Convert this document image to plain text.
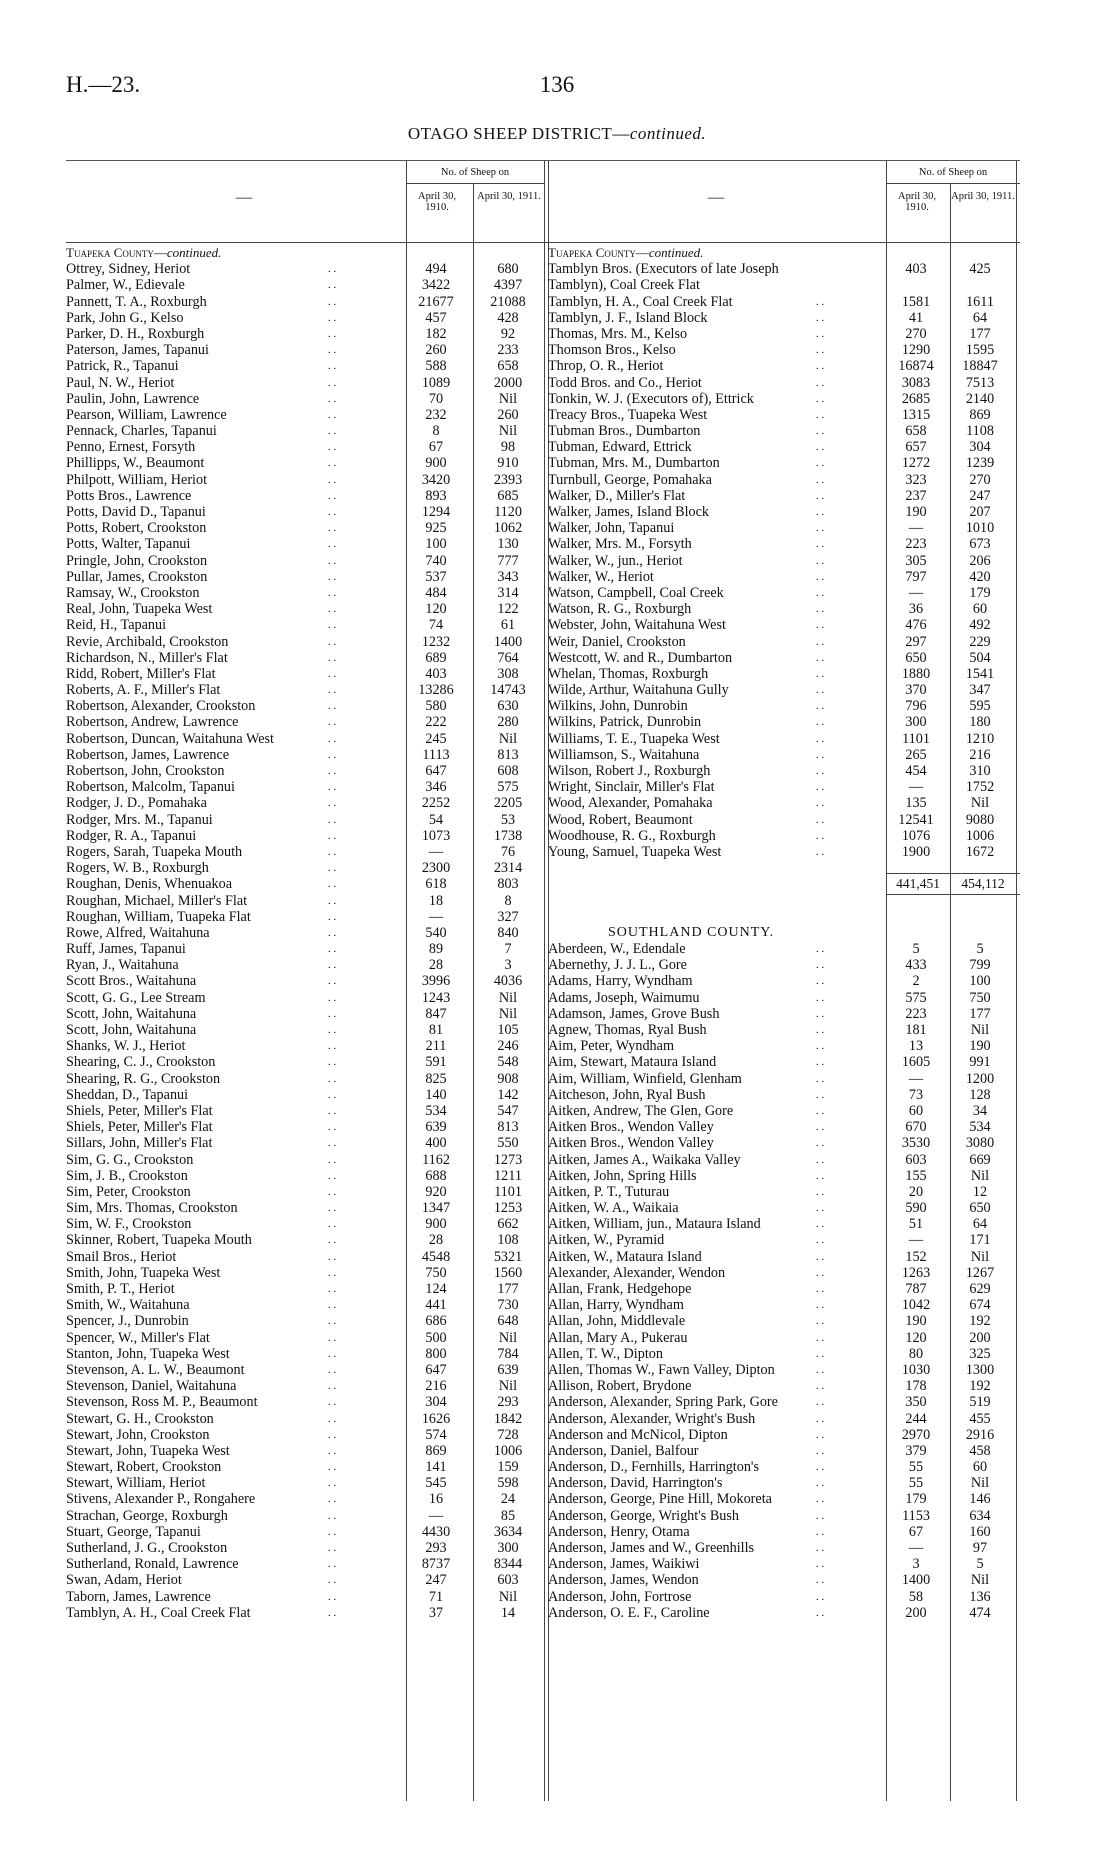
H.—23.	136
OTAGO SHEEP DISTRICT—continued.
—
No. of Sheep on
April 30, 1910.
April 30, 1911.
Tuapeka County—continued.
Ottrey, Sidney, Heriot	. .	494	680
Palmer, W., Edievale	. .	3422	4397
Pannett, T. A., Roxburgh	. .	21677	21088
Park, John G., Kelso	. .	457	428
Parker, D. H., Roxburgh	. .	182	92
Paterson, James, Tapanui	. .	260	233
Patrick, R., Tapanui	. .	588	658
Paul, N. W., Heriot	. .	1089	2000
Paulin, John, Lawrence	. .	70	Nil
Pearson, William, Lawrence	. .	232	260
Pennack, Charles, Tapanui	. .	8	Nil
Penno, Ernest, Forsyth	. .	67	98
Phillipps, W., Beaumont	. .	900	910
Philpott, William, Heriot	. .	3420	2393
Potts Bros., Lawrence	. .	893	685
Potts, David D., Tapanui	. .	1294	1120
Potts, Robert, Crookston	. .	925	1062
Potts, Walter, Tapanui	. .	100	130
Pringle, John, Crookston	. .	740	777
Pullar, James, Crookston	. .	537	343
Ramsay, W., Crookston	. .	484	314
Real, John, Tuapeka West	. .	120	122
Reid, H., Tapanui	. .	74	61
Revie, Archibald, Crookston	. .	1232	1400
Richardson, N., Miller's Flat	. .	689	764
Ridd, Robert, Miller's Flat	. .	403	308
Roberts, A. F., Miller's Flat	. .	13286	14743
Robertson, Alexander, Crookston	. .	580	630
Robertson, Andrew, Lawrence	. .	222	280
Robertson, Duncan, Waitahuna West	. .	245	Nil
Robertson, James, Lawrence	. .	1113	813
Robertson, John, Crookston	. .	647	608
Robertson, Malcolm, Tapanui	. .	346	575
Rodger, J. D., Pomahaka	. .	2252	2205
Rodger, Mrs. M., Tapanui	. .	54	53
Rodger, R. A., Tapanui	. .	1073	1738
Rogers, Sarah, Tuapeka Mouth	. .	—	76
Rogers, W. B., Roxburgh	. .	2300	2314
Roughan, Denis, Whenuakoa	. .	618	803
Roughan, Michael, Miller's Flat	. .	18	8
Roughan, William, Tuapeka Flat	. .	—	327
Rowe, Alfred, Waitahuna	. .	540	840
Ruff, James, Tapanui	. .	89	7
Ryan, J., Waitahuna	. .	28	3
Scott Bros., Waitahuna	. .	3996	4036
Scott, G. G., Lee Stream	. .	1243	Nil
Scott, John, Waitahuna	. .	847	Nil
Scott, John, Waitahuna	. .	81	105
Shanks, W. J., Heriot	. .	211	246
Shearing, C. J., Crookston	. .	591	548
Shearing, R. G., Crookston	. .	825	908
Sheddan, D., Tapanui	. .	140	142
Shiels, Peter, Miller's Flat	. .	534	547
Shiels, Peter, Miller's Flat	. .	639	813
Sillars, John, Miller's Flat	. .	400	550
Sim, G. G., Crookston	. .	1162	1273
Sim, J. B., Crookston	. .	688	1211
Sim, Peter, Crookston	. .	920	1101
Sim, Mrs. Thomas, Crookston	. .	1347	1253
Sim, W. F., Crookston	. .	900	662
Skinner, Robert, Tuapeka Mouth	. .	28	108
Smail Bros., Heriot	. .	4548	5321
Smith, John, Tuapeka West	. .	750	1560
Smith, P. T., Heriot	. .	124	177
Smith, W., Waitahuna	. .	441	730
Spencer, J., Dunrobin	. .	686	648
Spencer, W., Miller's Flat	. .	500	Nil
Stanton, John, Tuapeka West	. .	800	784
Stevenson, A. L. W., Beaumont	. .	647	639
Stevenson, Daniel, Waitahuna	. .	216	Nil
Stevenson, Ross M. P., Beaumont	. .	304	293
Stewart, G. H., Crookston	. .	1626	1842
Stewart, John, Crookston	. .	574	728
Stewart, John, Tuapeka West	. .	869	1006
Stewart, Robert, Crookston	. .	141	159
Stewart, William, Heriot	. .	545	598
Stivens, Alexander P., Rongahere	. .	16	24
Strachan, George, Roxburgh	. .	—	85
Stuart, George, Tapanui	. .	4430	3634
Sutherland, J. G., Crookston	. .	293	300
Sutherland, Ronald, Lawrence	. .	8737	8344
Swan, Adam, Heriot	. .	247	603
Taborn, James, Lawrence	. .	71	Nil
Tamblyn, A. H., Coal Creek Flat	. .	37	14
—
No. of Sheep on
April 30, 1910.
April 30, 1911.
Tuapeka County—continued.
Tamblyn Bros. (Executors of late Joseph	403	425
Tamblyn), Coal Creek Flat
Tamblyn, H. A., Coal Creek Flat	. .	1581	1611
Tamblyn, J. F., Island Block	. .	41	64
Thomas, Mrs. M., Kelso	. .	270	177
Thomson Bros., Kelso	. .	1290	1595
Throp, O. R., Heriot	. .	16874	18847
Todd Bros. and Co., Heriot	. .	3083	7513
Tonkin, W. J. (Executors of), Ettrick	. .	2685	2140
Treacy Bros., Tuapeka West	. .	1315	869
Tubman Bros., Dumbarton	. .	658	1108
Tubman, Edward, Ettrick	. .	657	304
Tubman, Mrs. M., Dumbarton	. .	1272	1239
Turnbull, George, Pomahaka	. .	323	270
Walker, D., Miller's Flat	. .	237	247
Walker, James, Island Block	. .	190	207
Walker, John, Tapanui	. .	—	1010
Walker, Mrs. M., Forsyth	. .	223	673
Walker, W., jun., Heriot	. .	305	206
Walker, W., Heriot	. .	797	420
Watson, Campbell, Coal Creek	. .	—	179
Watson, R. G., Roxburgh	. .	36	60
Webster, John, Waitahuna West	. .	476	492
Weir, Daniel, Crookston	. .	297	229
Westcott, W. and R., Dumbarton	. .	650	504
Whelan, Thomas, Roxburgh	. .	1880	1541
Wilde, Arthur, Waitahuna Gully	. .	370	347
Wilkins, John, Dunrobin	. .	796	595
Wilkins, Patrick, Dunrobin	. .	300	180
Williams, T. E., Tuapeka West	. .	1101	1210
Williamson, S., Waitahuna	. .	265	216
Wilson, Robert J., Roxburgh	. .	454	310
Wright, Sinclair, Miller's Flat	. .	—	1752
Wood, Alexander, Pomahaka	. .	135	Nil
Wood, Robert, Beaumont	. .	12541	9080
Woodhouse, R. G., Roxburgh	. .	1076	1006
Young, Samuel, Tuapeka West	. .	1900	1672
441,451	454,112
SOUTHLAND COUNTY.
Aberdeen, W., Edendale	. .	5	5
Abernethy, J. J. L., Gore	. .	433	799
Adams, Harry, Wyndham	. .	2	100
Adams, Joseph, Waimumu	. .	575	750
Adamson, James, Grove Bush	. .	223	177
Agnew, Thomas, Ryal Bush	. .	181	Nil
Aim, Peter, Wyndham	. .	13	190
Aim, Stewart, Mataura Island	. .	1605	991
Aim, William, Winfield, Glenham	. .	—	1200
Aitcheson, John, Ryal Bush	. .	73	128
Aitken, Andrew, The Glen, Gore	. .	60	34
Aitken Bros., Wendon Valley	. .	670	534
Aitken Bros., Wendon Valley	. .	3530	3080
Aitken, James A., Waikaka Valley	. .	603	669
Aitken, John, Spring Hills	. .	155	Nil
Aitken, P. T., Tuturau	. .	20	12
Aitken, W. A., Waikaia	. .	590	650
Aitken, William, jun., Mataura Island	. .	51	64
Aitken, W., Pyramid	. .	—	171
Aitken, W., Mataura Island	. .	152	Nil
Alexander, Alexander, Wendon	. .	1263	1267
Allan, Frank, Hedgehope	. .	787	629
Allan, Harry, Wyndham	. .	1042	674
Allan, John, Middlevale	. .	190	192
Allan, Mary A., Pukerau	. .	120	200
Allen, T. W., Dipton	. .	80	325
Allen, Thomas W., Fawn Valley, Dipton	. .	1030	1300
Allison, Robert, Brydone	. .	178	192
Anderson, Alexander, Spring Park, Gore	. .	350	519
Anderson, Alexander, Wright's Bush	. .	244	455
Anderson and McNicol, Dipton	. .	2970	2916
Anderson, Daniel, Balfour	. .	379	458
Anderson, D., Fernhills, Harrington's	. .	55	60
Anderson, David, Harrington's	. .	55	Nil
Anderson, George, Pine Hill, Mokoreta	. .	179	146
Anderson, George, Wright's Bush	. .	1153	634
Anderson, Henry, Otama	. .	67	160
Anderson, James and W., Greenhills	. .	—	97
Anderson, James, Waikiwi	. .	3	5
Anderson, James, Wendon	. .	1400	Nil
Anderson, John, Fortrose	. .	58	136
Anderson, O. E. F., Caroline	. .	200	474
